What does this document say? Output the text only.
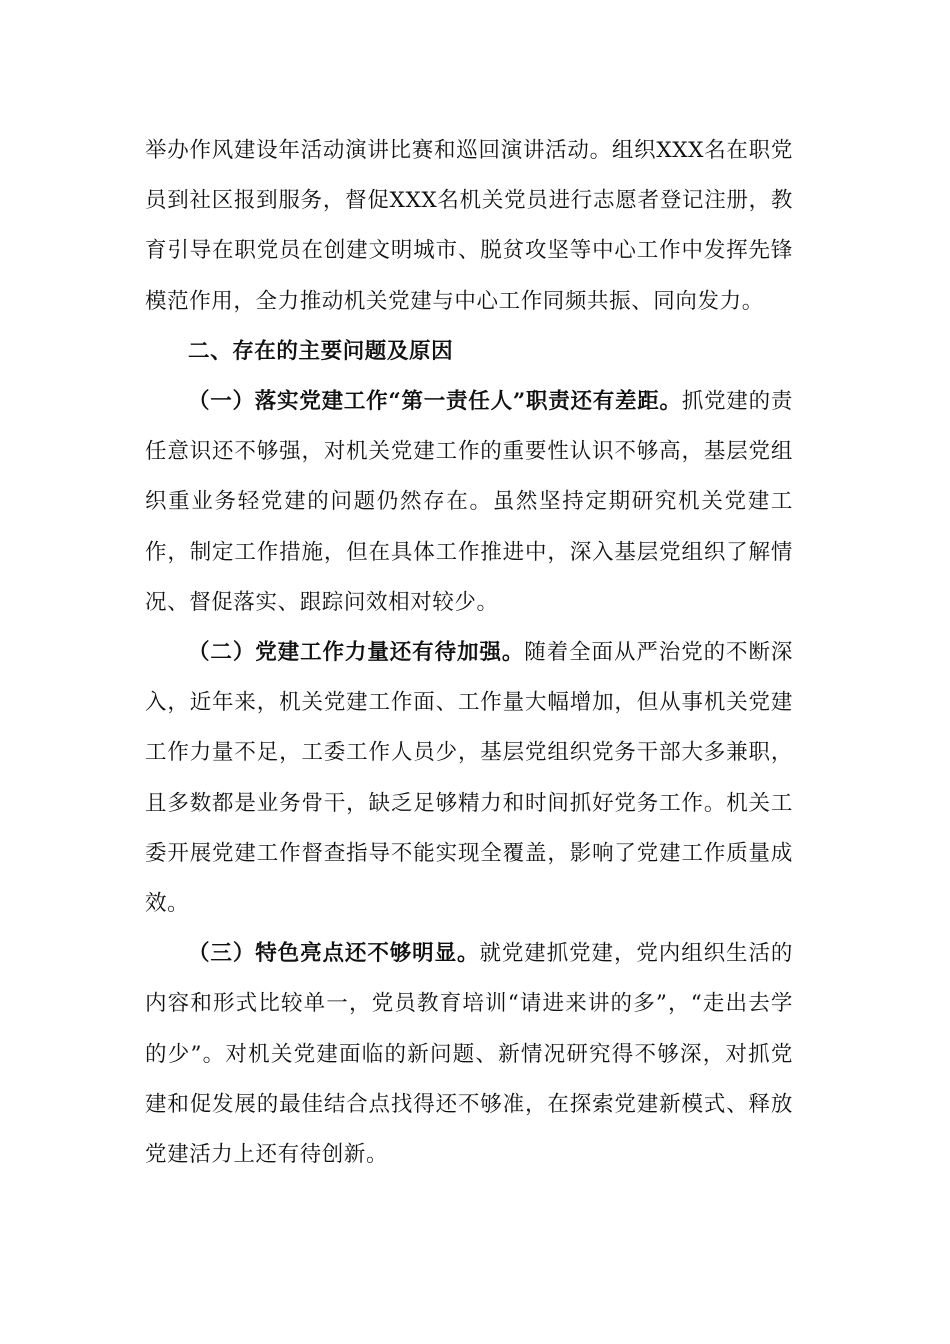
举办作风建设年活动演讲比赛和巡回演讲活动。组织XXX名在职党员到社区报到服务，督促XXX名机关党员进行志愿者登记注册，教育引导在职党员在创建文明城市、脱贫攻坚等中心工作中发挥先锋模范作用，全力推动机关党建与中心工作同频共振、同向发力。

二、存在的主要问题及原因

（一）落实党建工作“第一责任人”职责还有差距。抓党建的责任意识还不够强，对机关党建工作的重要性认识不够高，基层党组织重业务轻党建的问题仍然存在。虽然坚持定期研究机关党建工作，制定工作措施，但在具体工作推进中，深入基层党组织了解情况、督促落实、跟踪问效相对较少。

（二）党建工作力量还有待加强。随着全面从严治党的不断深入，近年来，机关党建工作面、工作量大幅增加，但从事机关党建工作力量不足，工委工作人员少，基层党组织党务干部大多兼职，且多数都是业务骨干，缺乏足够精力和时间抓好党务工作。机关工委开展党建工作督查指导不能实现全覆盖，影响了党建工作质量成效。

（三）特色亮点还不够明显。就党建抓党建，党内组织生活的内容和形式比较单一，党员教育培训“请进来讲的多”，“走出去学的少”。对机关党建面临的新问题、新情况研究得不够深，对抓党建和促发展的最佳结合点找得还不够准，在探索党建新模式、释放党建活力上还有待创新。
